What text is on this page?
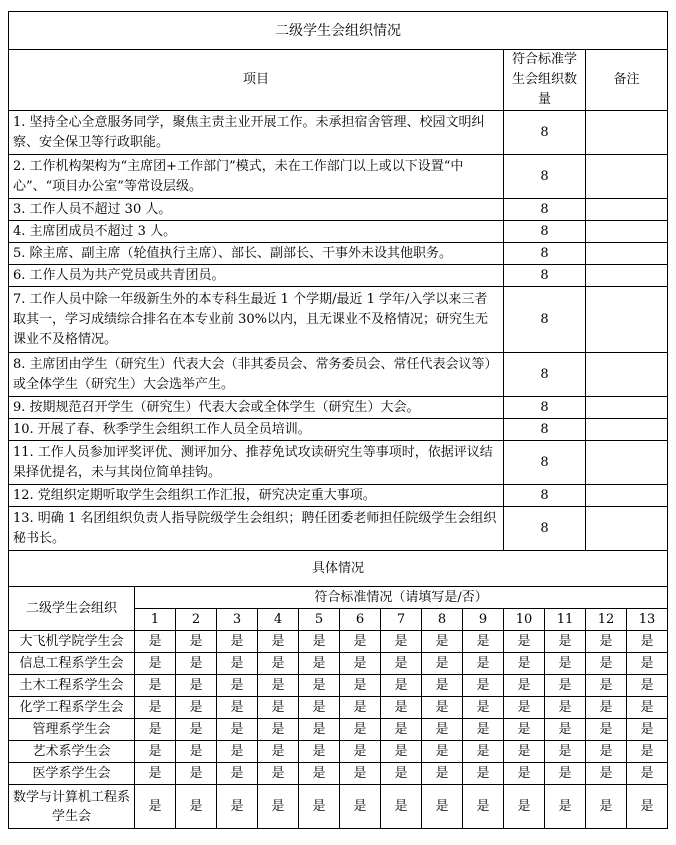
二级学生会组织情况													
项目										符合标准学生会组织数量		备注	
1. 坚持全心全意服务同学，聚焦主责主业开展工作。未承担宿舍管理、校园文明纠察、安全保卫等行政职能。										8			
2. 工作机构架构为“主席团+工作部门”模式，未在工作部门以上或以下设置“中心”、“项目办公室”等常设层级。										8			
3. 工作人员不超过 30 人。										8			
4. 主席团成员不超过 3 人。										8			
5. 除主席、副主席（轮值执行主席）、部长、副部长、干事外未设其他职务。										8			
6. 工作人员为共产党员或共青团员。										8			
7. 工作人员中除一年级新生外的本专科生最近 1 个学期/最近 1 学年/入学以来三者取其一，学习成绩综合排名在本专业前 30%以内，且无课业不及格情况；研究生无课业不及格情况。										8			
8. 主席团由学生（研究生）代表大会（非其委员会、常务委员会、常任代表会议等）或全体学生（研究生）大会选举产生。										8			
9. 按期规范召开学生（研究生）代表大会或全体学生（研究生）大会。										8			
10. 开展了春、秋季学生会组织工作人员全员培训。										8			
11. 工作人员参加评奖评优、测评加分、推荐免试攻读研究生等事项时，依据评议结果择优提名，未与其岗位简单挂钩。										8			
12. 党组织定期听取学生会组织工作汇报，研究决定重大事项。										8			
13. 明确 1 名团组织负责人指导院级学生会组织；聘任团委老师担任院级学生会组织秘书长。										8			
具体情况													
二级学生会组织	符合标准情况（请填写是/否）												
	1	2	3	4	5	6	7	8	9	10	11	12	13
大飞机学院学生会	是	是	是	是	是	是	是	是	是	是	是	是	是
信息工程系学生会	是	是	是	是	是	是	是	是	是	是	是	是	是
土木工程系学生会	是	是	是	是	是	是	是	是	是	是	是	是	是
化学工程系学生会	是	是	是	是	是	是	是	是	是	是	是	是	是
管理系学生会	是	是	是	是	是	是	是	是	是	是	是	是	是
艺术系学生会	是	是	是	是	是	是	是	是	是	是	是	是	是
医学系学生会	是	是	是	是	是	是	是	是	是	是	是	是	是
数学与计算机工程系学生会	是	是	是	是	是	是	是	是	是	是	是	是	是
